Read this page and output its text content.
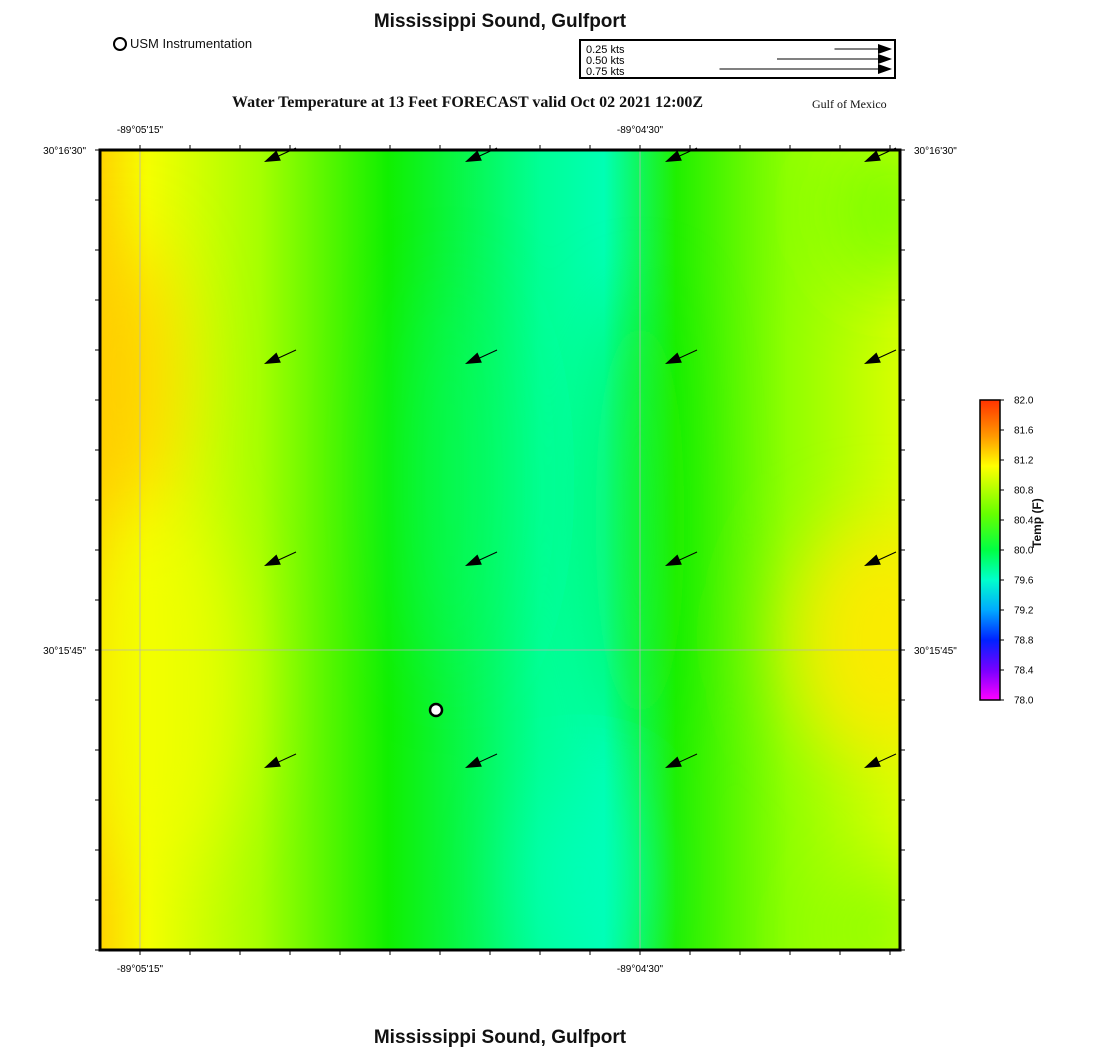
Mississippi Sound, Gulfport
USM Instrumentation	0.25 kts
0.50 kts
0.75 kts
Water Temperature at 13 Feet FORECAST valid Oct 02 2021 12:00Z	Gulf of Mexico
-89°05'15"	-89°04'30"
-89°05'15"	-89°04'30"
30°16'30"
30°15'45"
30°16'30"
30°15'45"
82.0
81.6
81.2
80.8
80.4
80.0
79.6
79.2
78.8
78.4
78.0
Temp (F)
Mississippi Sound, Gulfport
